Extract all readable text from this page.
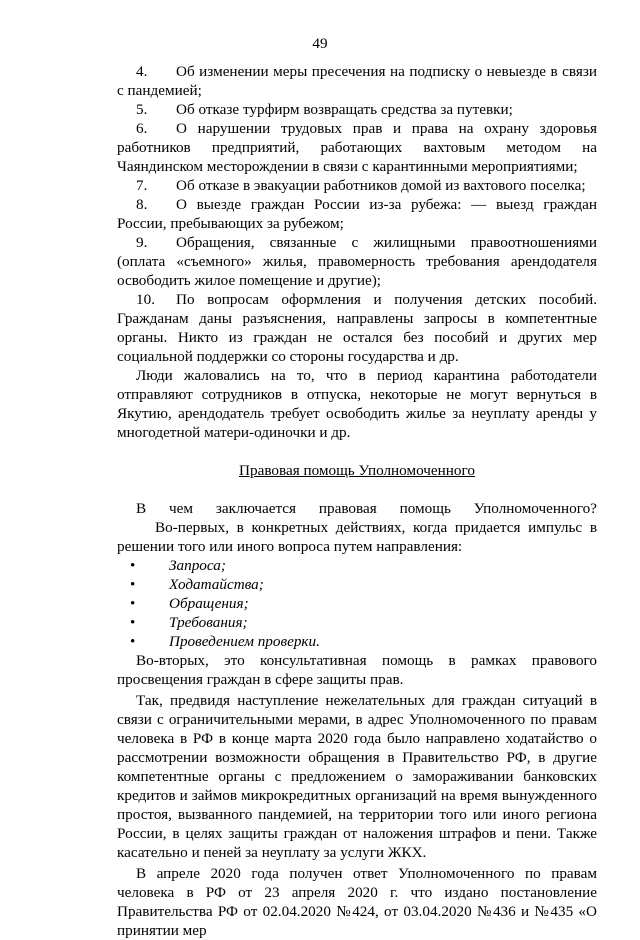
49

4. Об изменении меры пресечения на подписку о невыезде в связи с пандемией;

5. Об отказе турфирм возвращать средства за путевки;

6. О нарушении трудовых прав и права на охрану здоровья работников предприятий, работающих вахтовым методом на Чаяндинском месторождении в связи с карантинными мероприятиями;

7. Об отказе в эвакуации работников домой из вахтового поселка;

8. О выезде граждан России из-за рубежа: — выезд граждан России, пребывающих за рубежом;

9. Обращения, связанные с жилищными правоотношениями (оплата «съемного» жилья, правомерность требования арендодателя освободить жилое помещение и другие);

10. По вопросам оформления и получения детских пособий. Гражданам даны разъяснения, направлены запросы в компетентные органы. Никто из граждан не остался без пособий и других мер социальной поддержки со стороны государства и др.

Люди жаловались на то, что в период карантина работодатели отправляют сотрудников в отпуска, некоторые не могут вернуться в Якутию, арендодатель требует освободить жилье за неуплату аренды у многодетной матери-одиночки и др.

Правовая помощь Уполномоченного

В чем заключается правовая помощь Уполномоченного?

Во-первых, в конкретных действиях, когда придается импульс в решении того или иного вопроса путем направления:

• Запроса;
• Ходатайства;
• Обращения;
• Требования;
• Проведением проверки.

Во-вторых, это консультативная помощь в рамках правового просвещения граждан в сфере защиты прав.

Так, предвидя наступление нежелательных для граждан ситуаций в связи с ограничительными мерами, в адрес Уполномоченного по правам человека в РФ в конце марта 2020 года было направлено ходатайство о рассмотрении возможности обращения в Правительство РФ, в другие компетентные органы с предложением о замораживании банковских кредитов и займов микрокредитных организаций на время вынужденного простоя, вызванного пандемией, на территории того или иного региона России, в целях защиты граждан от наложения штрафов и пени. Также касательно и пеней за неуплату за услуги ЖКХ.

В апреле 2020 года получен ответ Уполномоченного по правам человека в РФ от 23 апреля 2020 г. что издано постановление Правительства РФ от 02.04.2020 №424, от 03.04.2020 №436 и №435 «О принятии мер
